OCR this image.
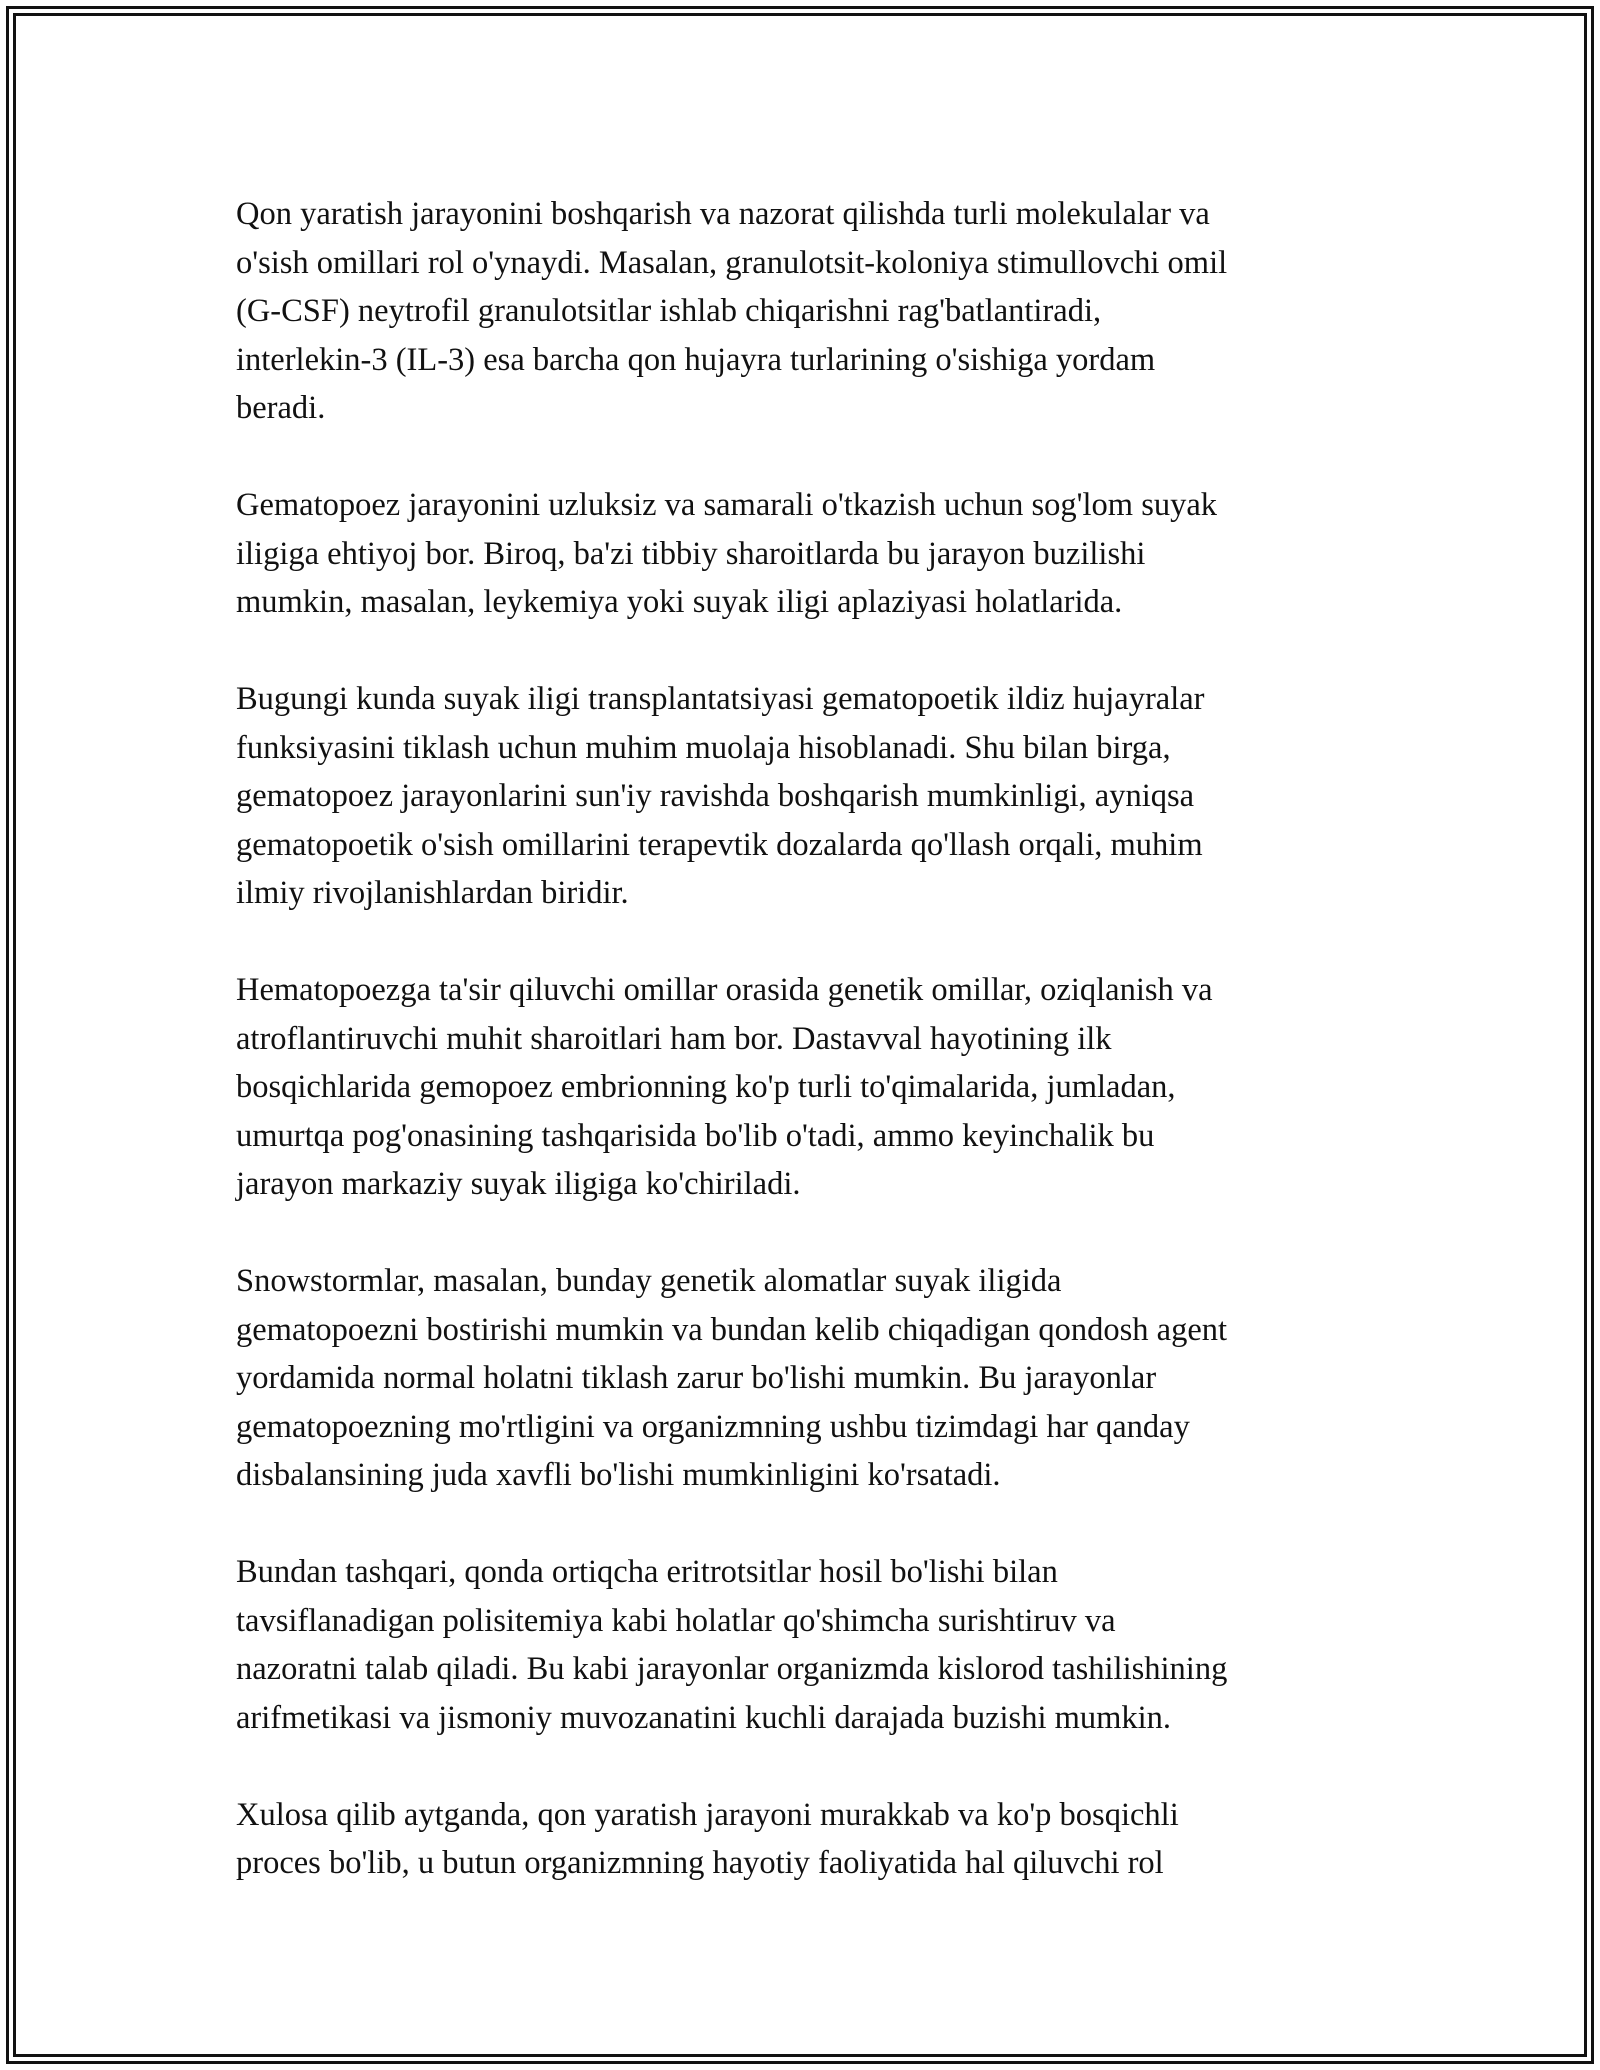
Qon yaratish jarayonini boshqarish va nazorat qilishda turli molekulalar va
o'sish omillari rol o'ynaydi. Masalan, granulotsit-koloniya stimullovchi omil
(G-CSF) neytrofil granulotsitlar ishlab chiqarishni rag'batlantiradi,
interlekin-3 (IL-3) esa barcha qon hujayra turlarining o'sishiga yordam
beradi.

Gematopoez jarayonini uzluksiz va samarali o'tkazish uchun sog'lom suyak
iligiga ehtiyoj bor. Biroq, ba'zi tibbiy sharoitlarda bu jarayon buzilishi
mumkin, masalan, leykemiya yoki suyak iligi aplaziyasi holatlarida.

Bugungi kunda suyak iligi transplantatsiyasi gematopoetik ildiz hujayralar
funksiyasini tiklash uchun muhim muolaja hisoblanadi. Shu bilan birga,
gematopoez jarayonlarini sun'iy ravishda boshqarish mumkinligi, ayniqsa
gematopoetik o'sish omillarini terapevtik dozalarda qo'llash orqali, muhim
ilmiy rivojlanishlardan biridir.

Hematopoezga ta'sir qiluvchi omillar orasida genetik omillar, oziqlanish va
atroflantiruvchi muhit sharoitlari ham bor. Dastavval hayotining ilk
bosqichlarida gemopoez embrionning ko'p turli to'qimalarida, jumladan,
umurtqa pog'onasining tashqarisida bo'lib o'tadi, ammo keyinchalik bu
jarayon markaziy suyak iligiga ko'chiriladi.

Snowstormlar, masalan, bunday genetik alomatlar suyak iligida
gematopoezni bostirishi mumkin va bundan kelib chiqadigan qondosh agent
yordamida normal holatni tiklash zarur bo'lishi mumkin. Bu jarayonlar
gematopoezning mo'rtligini va organizmning ushbu tizimdagi har qanday
disbalansining juda xavfli bo'lishi mumkinligini ko'rsatadi.

Bundan tashqari, qonda ortiqcha eritrotsitlar hosil bo'lishi bilan
tavsiflanadigan polisitemiya kabi holatlar qo'shimcha surishtiruv va
nazoratni talab qiladi. Bu kabi jarayonlar organizmda kislorod tashilishining
arifmetikasi va jismoniy muvozanatini kuchli darajada buzishi mumkin.

Xulosa qilib aytganda, qon yaratish jarayoni murakkab va ko'p bosqichli
proces bo'lib, u butun organizmning hayotiy faoliyatida hal qiluvchi rol
